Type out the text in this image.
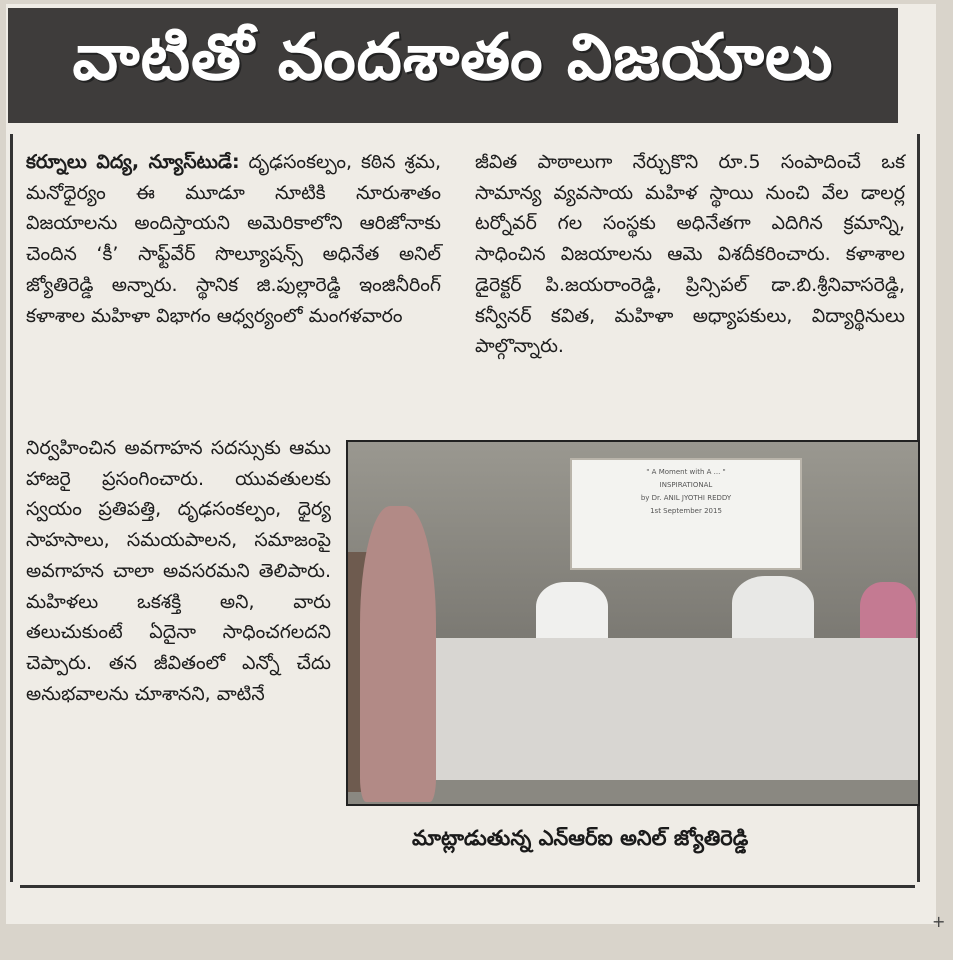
వాటితో వందశాతం విజయాలు

కర్నూలు విద్య, న్యూస్‌టుడే: దృఢసంకల్పం, కఠిన శ్రమ, మనోధైర్యం ఈ మూడూ నూటికి నూరుశాతం విజయాలను అందిస్తాయని అమెరికాలోని ఆరిజోనాకు చెందిన ‘కీ’ సాఫ్ట్‌వేర్ సొల్యూషన్స్ అధినేత అనిల్ జ్యోతిరెడ్డి అన్నారు. స్థానిక జి.పుల్లారెడ్డి ఇంజినీరింగ్ కళాశాల మహిళా విభాగం ఆధ్వర్యంలో మంగళవారం

నిర్వహించిన అవగాహన సదస్సుకు ఆము హాజరై ప్రసంగించారు. యువతులకు స్వయం ప్రతిపత్తి, దృఢసంకల్పం, ధైర్య సాహసాలు, సమయపాలన, సమాజంపై అవగాహన చాలా అవసరమని తెలిపారు. మహిళలు ఒకశక్తి అని, వారు తలుచుకుంటే ఏదైనా సాధించగలదని చెప్పారు. తన జీవితంలో ఎన్నో చేదు అనుభవాలను చూశానని, వాటినే

జీవిత పాఠాలుగా నేర్చుకొని రూ.5 సంపాదించే ఒక సామాన్య వ్యవసాయ మహిళ స్థాయి నుంచి వేల డాలర్ల టర్నోవర్ గల సంస్థకు అధినేతగా ఎదిగిన క్రమాన్ని, సాధించిన విజయాలను ఆమె విశదీకరించారు. కళాశాల డైరెక్టర్ పి.జయరాంరెడ్డి, ప్రిన్సిపల్ డా.బి.శ్రీనివాసరెడ్డి, కన్వీనర్ కవిత, మహిళా అధ్యాపకులు, విద్యార్థినులు పాల్గొన్నారు.

" A Moment with A ... "
INSPIRATIONAL
by Dr. ANIL JYOTHI REDDY
1st September 2015
మాట్లాడుతున్న ఎన్ఆర్ఐ అనిల్ జ్యోతిరెడ్డి
+
